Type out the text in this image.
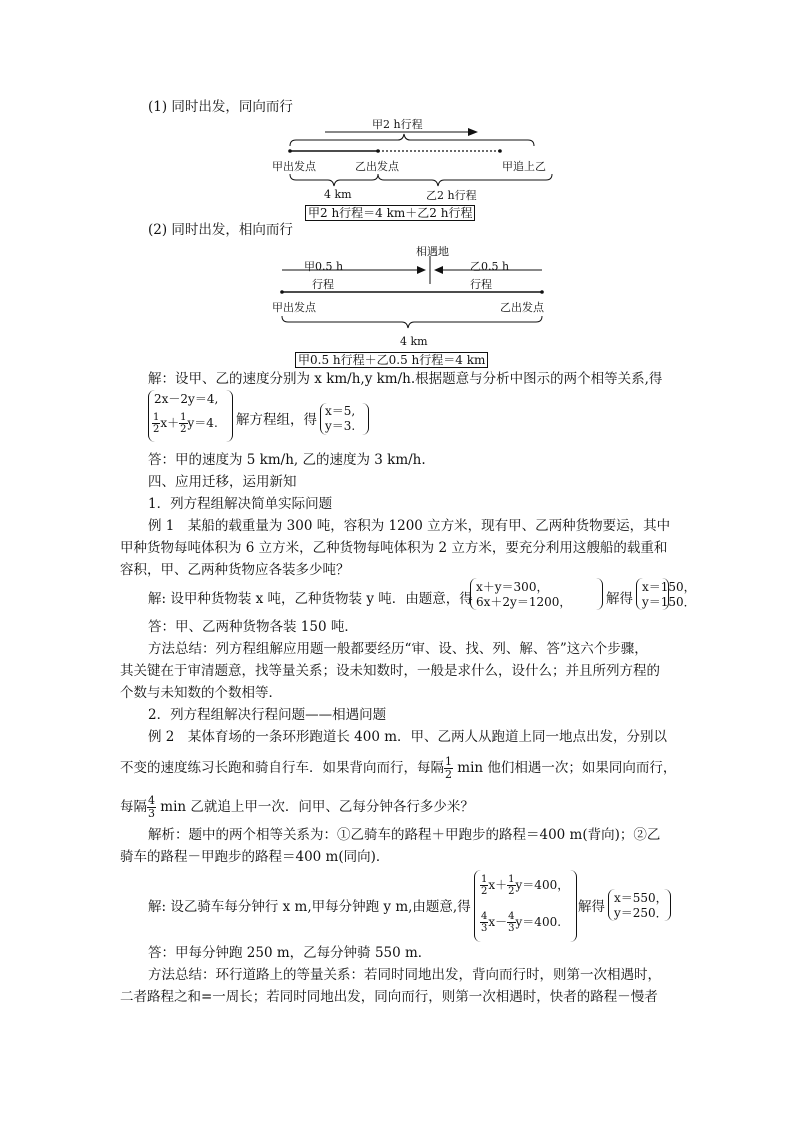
(1) 同时出发，同向而行
甲2 h行程
甲出发点	乙出发点	甲追上乙
4 km	乙2 h行程
甲2 h行程＝4 km＋乙2 h行程
(2) 同时出发，相向而行
相遇地
甲0.5 h
行程
乙0.5 h
行程
甲出发点	乙出发点
4 km
甲0.5 h行程＋乙0.5 h行程＝4 km
解：设甲、乙的速度分别为 x km/h,y km/h.根据题意与分析中图示的两个相等关系,得
2x－2y＝4,
$\frac{1}{2} x+ \frac{1}{2} y=4$. 解方程组，得
x＝5,
y＝3.
答：甲的速度为 5 km/h, 乙的速度为 3 km/h.
四、应用迁移，运用新知
1．列方程组解决简单实际问题
例 1　某船的载重量为 300 吨，容积为 1200 立方米，现有甲、乙两种货物要运，其中
甲种货物每吨体积为 6 立方米，乙种货物每吨体积为 2 立方米，要充分利用这艘船的载重和
容积，甲、乙两种货物应各装多少吨？
解: 设甲种货物装 x 吨，乙种货物装 y 吨．由题意，得
x＋y＝300，
6x＋2y＝1200，	解得
x＝150，
y＝150．
答：甲、乙两种货物各装 150 吨．
方法总结：列方程组解应用题一般都要经历“审、设、找、列、解、答”这六个步骤，
其关键在于审清题意，找等量关系；设未知数时，一般是求什么，设什么；并且所列方程的
个数与未知数的个数相等．
2．列方程组解决行程问题——相遇问题
例 2　某体育场的一条环形跑道长 400 m．甲、乙两人从跑道上同一地点出发，分别以
不变的速度练习长跑和骑自行车．如果背向而行，每隔 $\frac{1}{2}$ min 他们相遇一次；如果同向而行，
每隔 $\frac{4}{3}$ min 乙就追上甲一次．问甲、乙每分钟各行多少米？
解析：题中的两个相等关系为：①乙骑车的路程＋甲跑步的路程＝400 m(背向)；②乙
骑车的路程－甲跑步的路程＝400 m(同向)．
解: 设乙骑车每分钟行 x m,甲每分钟跑 y m,由题意,得
$\frac{1}{2} x+ \frac{1}{2} y=400$，
$\frac{4}{3} x- \frac{4}{3} y=400$.
解得
x＝550，
y＝250．
答：甲每分钟跑 250 m，乙每分钟骑 550 m．
方法总结：环行道路上的等量关系：若同时同地出发，背向而行时，则第一次相遇时，
二者路程之和=一周长；若同时同地出发，同向而行，则第一次相遇时，快者的路程－慢者
